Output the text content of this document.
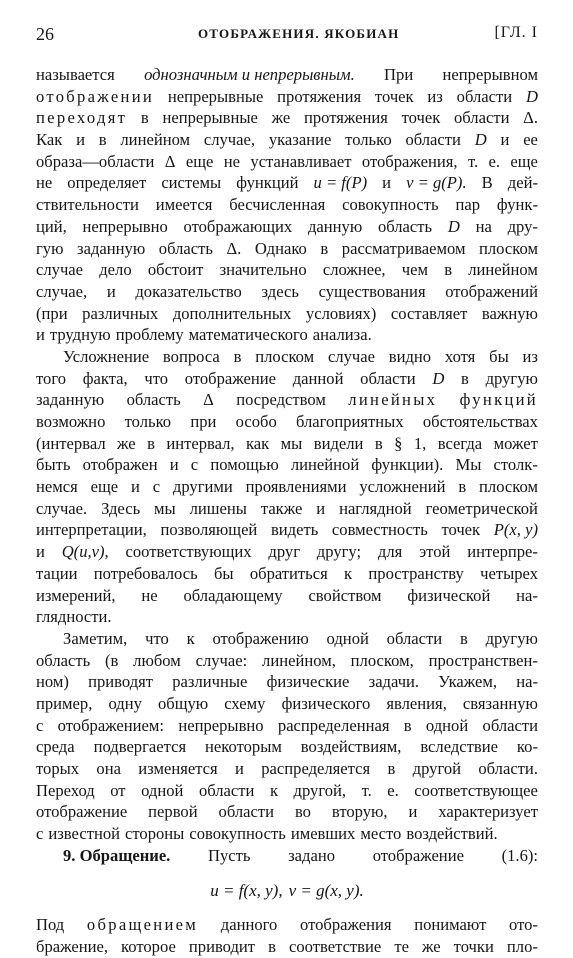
26	ОТОБРАЖЕНИЯ. ЯКОБИАН	[ГЛ. I
называется однозначным и непрерывным. При непрерывном
отображении непрерывные протяжения точек из области D
переходят в непрерывные же протяжения точек области Δ.
Как и в линейном случае, указание только области D и ее
образа—области Δ еще не устанавливает отображения, т. е. еще
не определяет системы функций u = f(P) и v = g(P). В дей-
ствительности имеется бесчисленная совокупность пар функ-
ций, непрерывно отображающих данную область D на дру-
гую заданную область Δ. Однако в рассматриваемом плоском
случае дело обстоит значительно сложнее, чем в линейном
случае, и доказательство здесь существования отображений
(при различных дополнительных условиях) составляет важную
и трудную проблему математического анализа.
Усложнение вопроса в плоском случае видно хотя бы из
того факта, что отображение данной области D в другую
заданную область Δ посредством линейных функций
возможно только при особо благоприятных обстоятельствах
(интервал же в интервал, как мы видели в § 1, всегда может
быть отображен и с помощью линейной функции). Мы столк-
немся еще и с другими проявлениями усложнений в плоском
случае. Здесь мы лишены также и наглядной геометрической
интерпретации, позволяющей видеть совместность точек P(x, y)
и Q(u,v), соответствующих друг другу; для этой интерпре-
тации потребовалось бы обратиться к пространству четырех
измерений, не обладающему свойством физической на-
глядности.
Заметим, что к отображению одной области в другую
область (в любом случае: линейном, плоском, пространствен-
ном) приводят различные физические задачи. Укажем, на-
пример, одну общую схему физического явления, связанную
с отображением: непрерывно распределенная в одной области
среда подвергается некоторым воздействиям, вследствие ко-
торых она изменяется и распределяется в другой области.
Переход от одной области к другой, т. е. соответствующее
отображение первой области во вторую, и характеризует
с известной стороны совокупность имевших место воздействий.
9. Обращение. Пусть задано отображение (1.6):
u = f(x, y), v = g(x, y).
Под обращением данного отображения понимают ото-
бражение, которое приводит в соответствие те же точки пло-
